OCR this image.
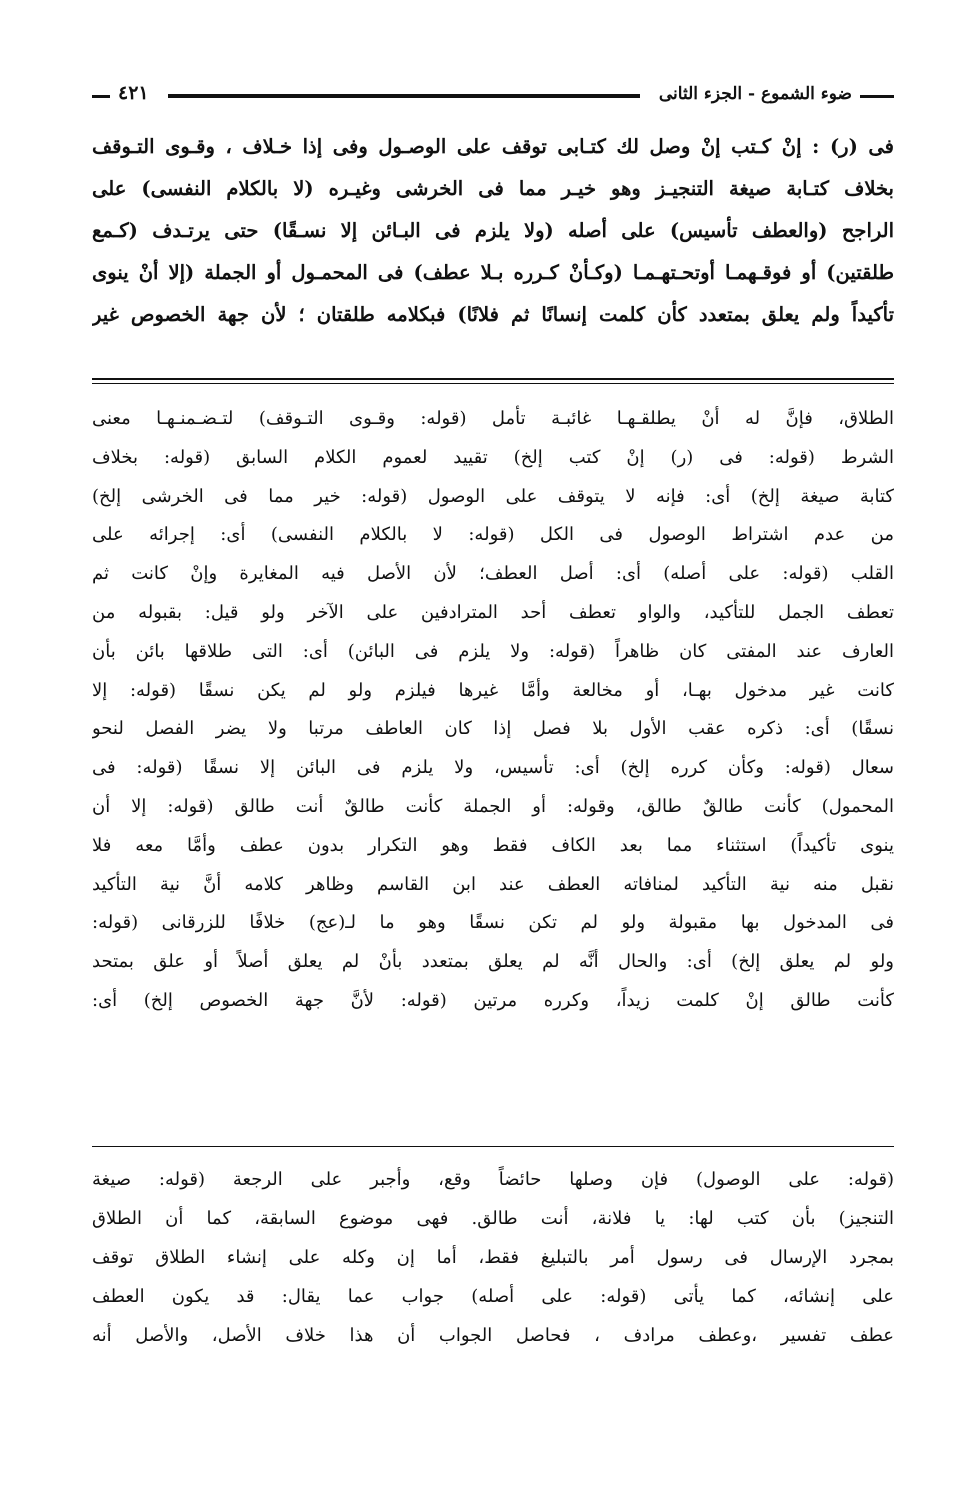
ضوء الشموع - الجزء الثانى
٤٢١

فى (ر) : إنْ كـتب إنْ وصل لك كتـابى توقف على الوصـول وفى إذا خـلاف ، وقـوى التـوقف

بخلاف كتـابة صيغة التنجيـز وهو خيـر مما فى الخرشى وغيـره (لا بالكلام النفسى) على

الراجح (والعطف تأسيس) على أصله (ولا يلزم فى البـائن إلا نسـقًا) حتى يرتـدف (كـمع

طلقتين) أو فوقـهمـا أوتحـتهـمـا (وكـأنْ كـرره بـلا عطف) فى المحمـول أو الجملة (إلا أنْ ينوى

تأكيداً ولم يعلق بمتعدد كأن كلمت إنسانًا ثم فلانًا) فبكلامه طلقتان ؛ لأن جهة الخصوص غير

الطلاق، فإنَّ له أنْ يطلقـهـا غائبـة تأمل (قوله: وقـوى التـوقف) لتـضـمنـهـا معنى

الشرط (قوله: فى (ر) إنْ كتب إلخ) تقييد لعموم الكلام السابق (قوله: بخلاف

كتابة صيغة إلخ) أى: فإنه لا يتوقف على الوصول (قوله: خير مما فى الخرشى إلخ)

من عدم اشتراط الوصول فى الكل (قوله: لا بالكلام النفسى) أى: إجرائه على

القلب (قوله: على أصله) أى: أصل العطف؛ لأن الأصل فيه المغايرة وإنْ كانت ثم

تعطف الجمل للتأكيد، والواو تعطف أحد المترادفين على الآخر ولو قيل: بقبوله من

العارف عند المفتى كان ظاهراً (قوله: ولا يلزم فى البائن) أى: التى طلاقها بائن بأن

كانت غير مدخول بهـا، أو مخالعة وأمَّا غيرها فيلزم ولو لم يكن نسقًا (قوله: إلا

نسقًا) أى: ذكره عقب الأول بلا فصل إذا كان العاطف مرتبا ولا يضر الفصل لنحو

سعال (قوله: وكأن كرره إلخ) أى: تأسيس، ولا يلزم فى البائن إلا نسقًا (قوله: فى

المحمول) كأنت طالقٌ طالق، وقوله: أو الجملة كأنت طالقٌ أنت طالق (قوله: إلا أن

ينوى تأكيداً) استثناء مما بعد الكاف فقط وهو التكرار بدون عطف وأمَّا معه فلا

نقبل منه نية التأكيد لمنافاته العطف عند ابن القاسم وظاهر كلامه أنَّ نية التأكيد

فى المدخول بها مقبولة ولو لم تكن نسقًا وهو ما لـ(عج) خلافًا للزرقانى (قوله:

ولو لم يعلق إلخ) أى: والحال أنَّه لم يعلق بمتعدد بأنْ لم يعلق أصلاً أو علق بمتحد

كأنت طالق إنْ كلمت زيداً، وكرره مرتين (قوله: لأنَّ جهة الخصوص إلخ) أى:

(قوله: على الوصول) فإن وصلها حائضاً وقع، وأجبر على الرجعة (قوله: صيغة

التنجيز) بأن كتب لها: يا فلانة، أنت طالق. فهى موضوع السابقة، كما أن الطلاق

بمجرد الإرسال فى رسول أمر بالتبليغ فقط، أما إن وكله على إنشاء الطلاق توقف

على إنشائه، كما يأتى (قوله: على أصله) جواب عما يقال: قد يكون العطف

عطف تفسير ،وعطف مرادف ، فحاصل الجواب أن هذا خلاف الأصل، والأصل أنه
